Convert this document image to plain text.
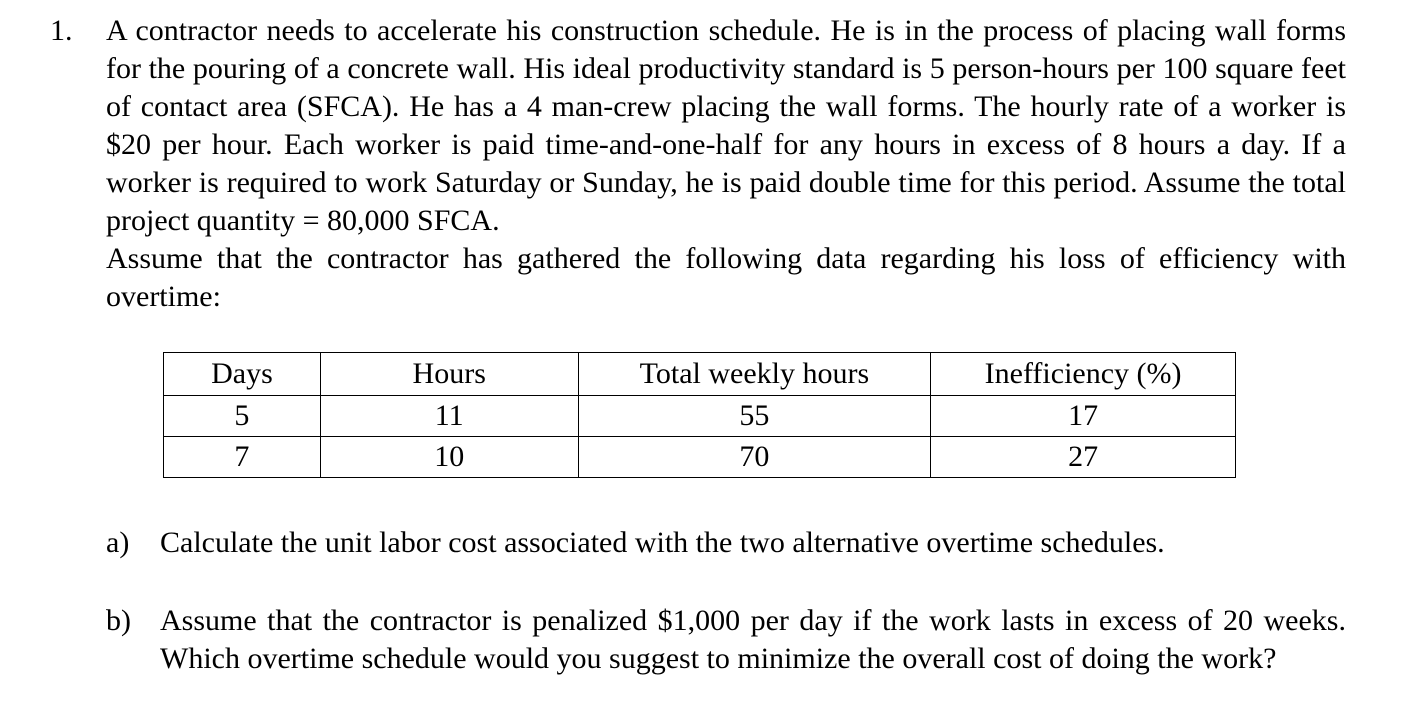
1. A contractor needs to accelerate his construction schedule. He is in the process of placing wall forms for the pouring of a concrete wall. His ideal productivity standard is 5 person-hours per 100 square feet of contact area (SFCA). He has a 4 man-crew placing the wall forms. The hourly rate of a worker is $20 per hour. Each worker is paid time-and-one-half for any hours in excess of 8 hours a day. If a worker is required to work Saturday or Sunday, he is paid double time for this period. Assume the total project quantity = 80,000 SFCA.

Assume that the contractor has gathered the following data regarding his loss of efficiency with overtime:

Days	Hours	Total weekly hours	Inefficiency (%)
5	11	55	17
7	10	70	27
a) Calculate the unit labor cost associated with the two alternative overtime schedules.
b) Assume that the contractor is penalized $1,000 per day if the work lasts in excess of 20 weeks. Which overtime schedule would you suggest to minimize the overall cost of doing the work?
